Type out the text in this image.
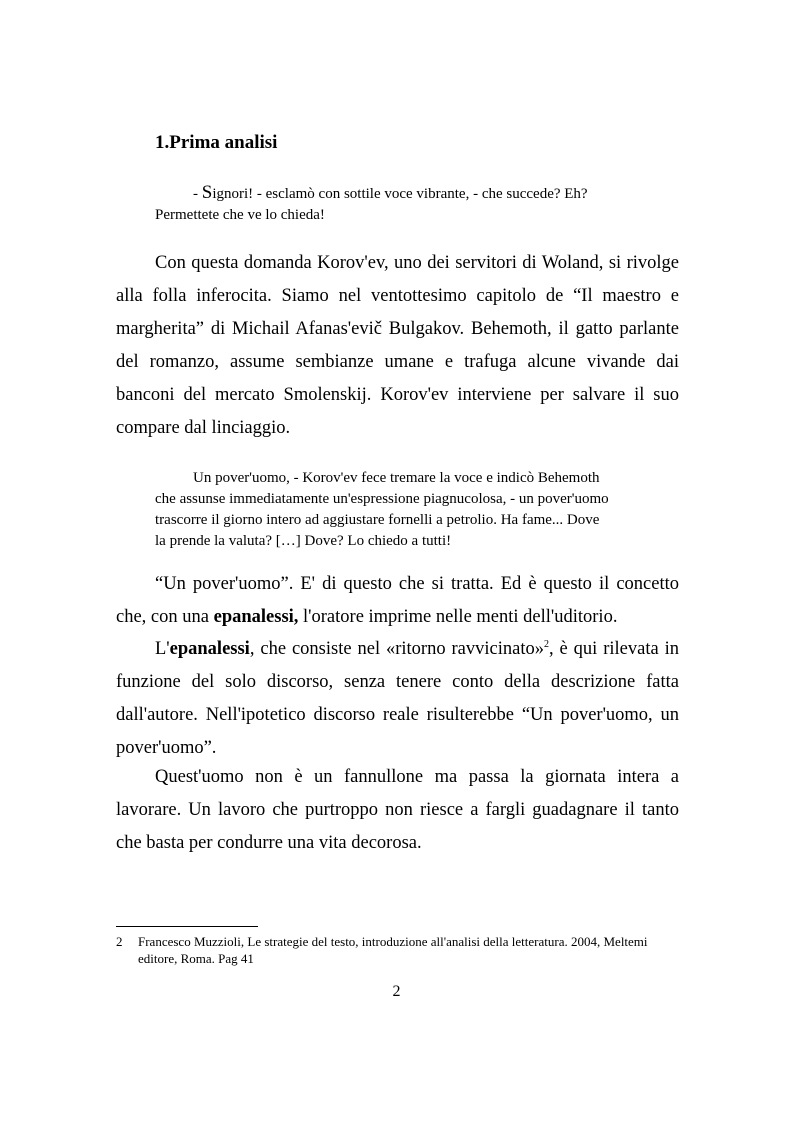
1.Prima analisi
- Signori! - esclamò con sottile voce vibrante, - che succede? Eh?
Permettete che ve lo chieda!
Con questa domanda Korov'ev, uno dei servitori di Woland, si rivolge
alla folla inferocita. Siamo nel ventottesimo capitolo de “Il maestro e
margherita” di Michail Afanas'evič Bulgakov. Behemoth, il gatto parlante
del romanzo, assume sembianze umane e trafuga alcune vivande dai
banconi del mercato Smolenskij. Korov'ev interviene per salvare il suo
compare dal linciaggio.
Un pover'uomo, - Korov'ev fece tremare la voce e indicò Behemoth
che assunse immediatamente un'espressione piagnucolosa, - un pover'uomo
trascorre il giorno intero ad aggiustare fornelli a petrolio. Ha fame... Dove
la prende la valuta? […] Dove? Lo chiedo a tutti!
“Un pover'uomo”. E' di questo che si tratta. Ed è questo il concetto
che, con una epanalessi, l'oratore imprime nelle menti dell'uditorio.
L'epanalessi, che consiste nel «ritorno ravvicinato»$^2$, è qui rilevata in
funzione del solo discorso, senza tenere conto della descrizione fatta
dall'autore. Nell'ipotetico discorso reale risulterebbe “Un pover'uomo, un
pover'uomo”.
Quest'uomo non è un fannullone ma passa la giornata intera a
lavorare. Un lavoro che purtroppo non riesce a fargli guadagnare il tanto
che basta per condurre una vita decorosa.
2 Francesco Muzzioli, Le strategie del testo, introduzione all'analisi della letteratura. 2004, Meltemi
editore, Roma. Pag 41
2
